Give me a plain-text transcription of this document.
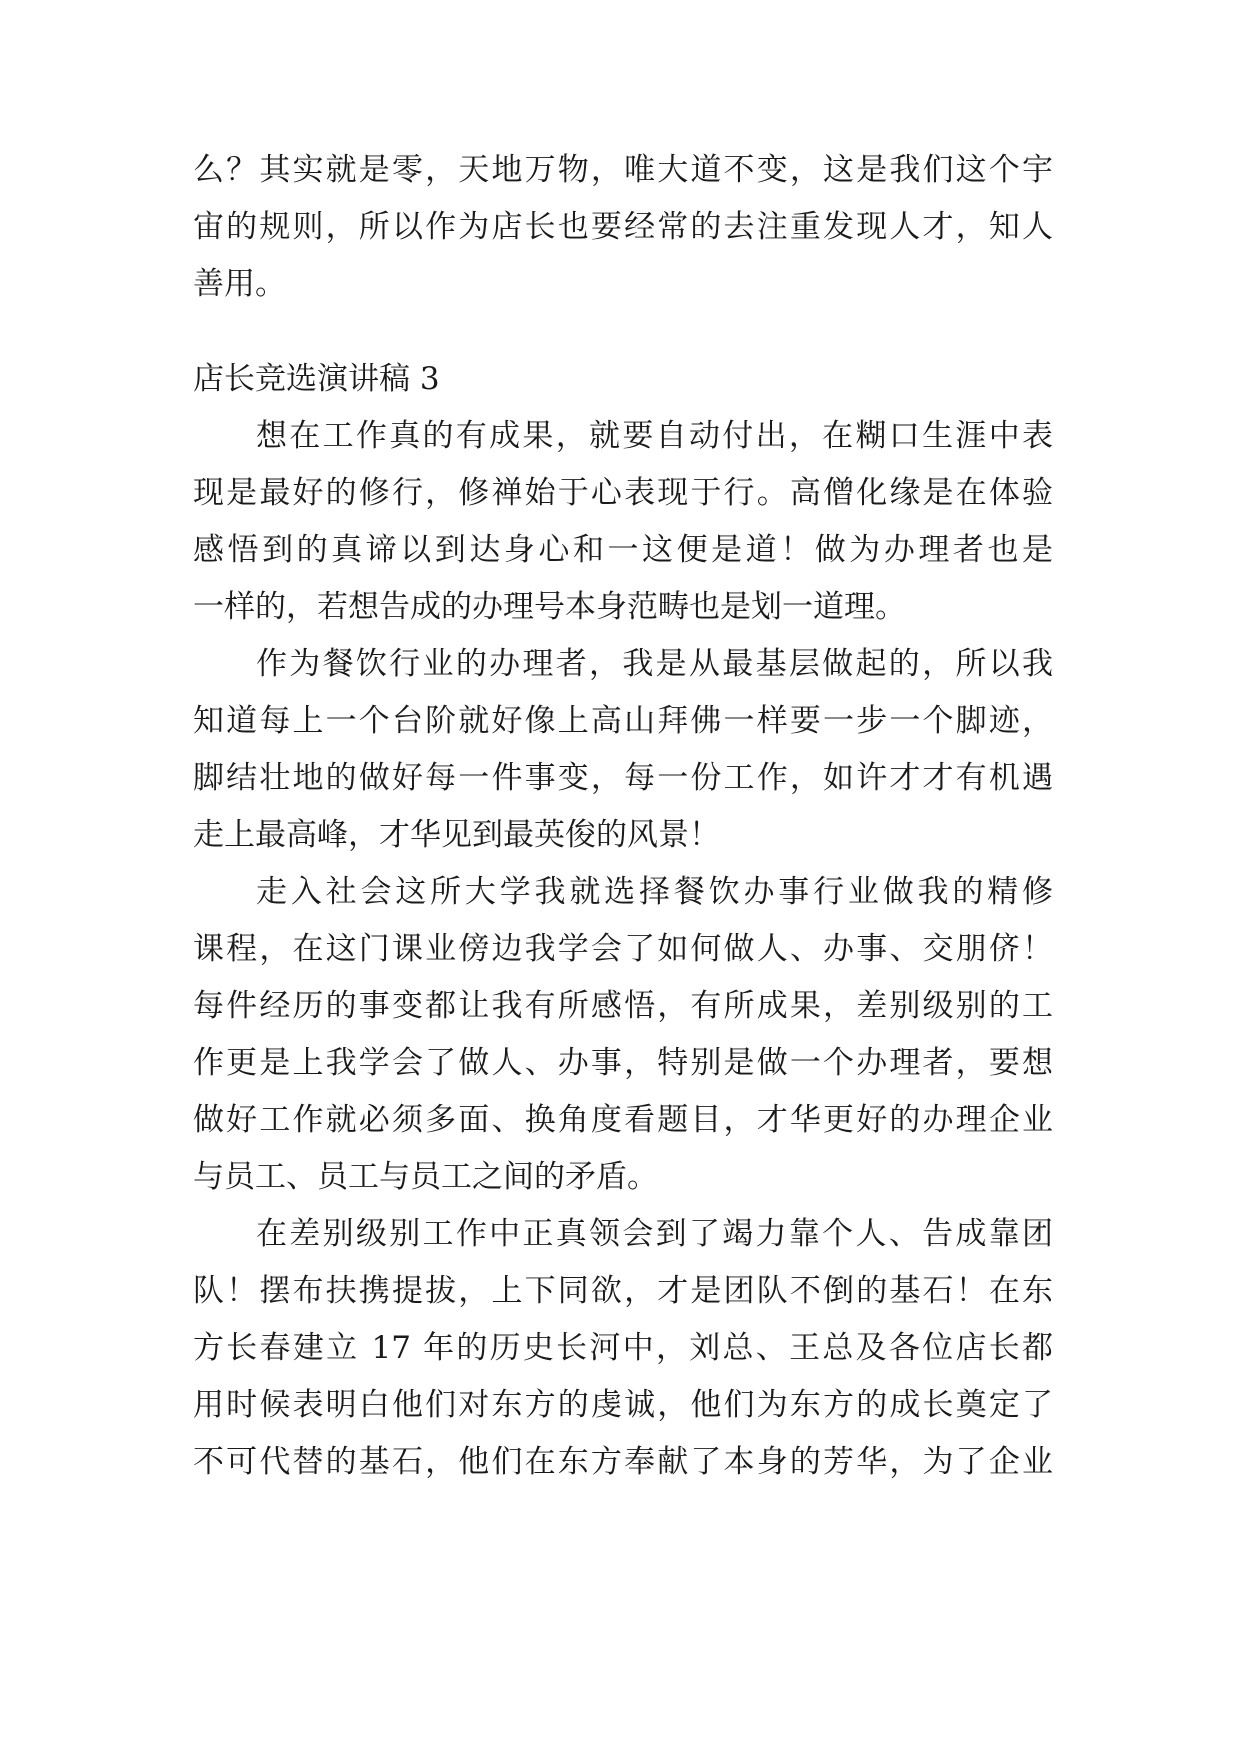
么？其实就是零，天地万物，唯大道不变，这是我们这个宇
宙的规则，所以作为店长也要经常的去注重发现人才，知人
善用。
店长竞选演讲稿 3
想在工作真的有成果，就要自动付出，在糊口生涯中表
现是最好的修行，修禅始于心表现于行。高僧化缘是在体验
感悟到的真谛以到达身心和一这便是道！做为办理者也是
一样的，若想告成的办理号本身范畴也是划一道理。
作为餐饮行业的办理者，我是从最基层做起的，所以我
知道每上一个台阶就好像上高山拜佛一样要一步一个脚迹，
脚结壮地的做好每一件事变，每一份工作，如许才才有机遇
走上最高峰，才华见到最英俊的风景！
走入社会这所大学我就选择餐饮办事行业做我的精修
课程，在这门课业傍边我学会了如何做人、办事、交朋侪！
每件经历的事变都让我有所感悟，有所成果，差别级别的工
作更是上我学会了做人、办事，特别是做一个办理者，要想
做好工作就必须多面、换角度看题目，才华更好的办理企业
与员工、员工与员工之间的矛盾。
在差别级别工作中正真领会到了竭力靠个人、告成靠团
队！摆布扶携提拔，上下同欲，才是团队不倒的基石！在东
方长春建立 17 年的历史长河中，刘总、王总及各位店长都
用时候表明白他们对东方的虔诚，他们为东方的成长奠定了
不可代替的基石，他们在东方奉献了本身的芳华，为了企业
